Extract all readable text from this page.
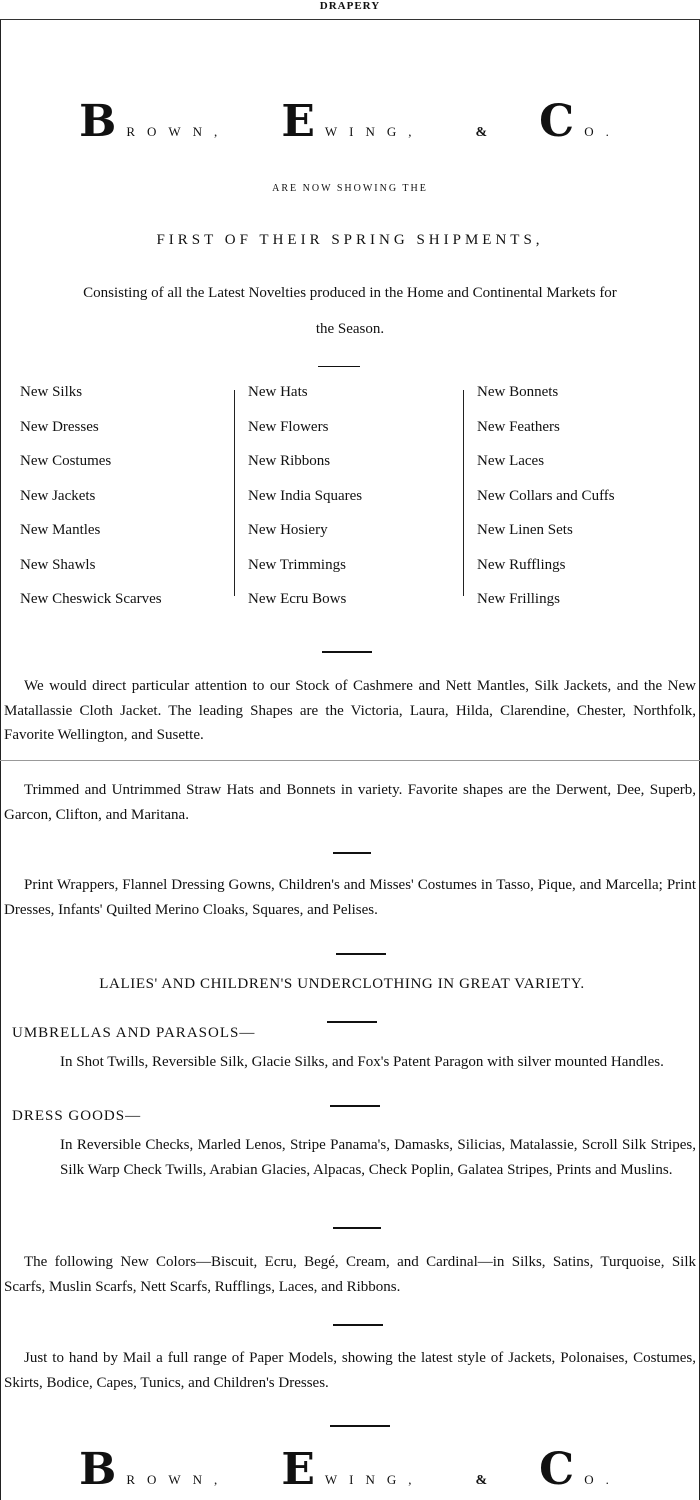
DRAPERY
B ROWN, E WING,	& C O.
ARE NOW SHOWING THE
FIRST OF THEIR SPRING SHIPMENTS,
Consisting of all the Latest Novelties produced in the Home and Continental Markets for
the Season.
New Silks
New Dresses
New Costumes
New Jackets
New Mantles
New Shawls
New Cheswick Scarves
New Hats
New Flowers
New Ribbons
New India Squares
New Hosiery
New Trimmings
New Ecru Bows
New Bonnets
New Feathers
New Laces
New Collars and Cuffs
New Linen Sets
New Rufflings
New Frillings

We would direct particular attention to our Stock of Cashmere and Nett Mantles, Silk Jackets, and the New Matallassie Cloth Jacket. The leading Shapes are the Victoria, Laura, Hilda, Clarendine, Chester, Northfolk, Favorite Wellington, and Susette.

Trimmed and Untrimmed Straw Hats and Bonnets in variety. Favorite shapes are the Derwent, Dee, Superb, Garcon, Clifton, and Maritana.

Print Wrappers, Flannel Dressing Gowns, Children's and Misses' Costumes in Tasso, Pique, and Marcella; Print Dresses, Infants' Quilted Merino Cloaks, Squares, and Pelises.

LALIES' AND CHILDREN'S UNDERCLOTHING IN GREAT VARIETY.
UMBRELLAS AND PARASOLS—
In Shot Twills, Reversible Silk, Glacie Silks, and Fox's Patent Paragon with silver mounted Handles.
DRESS GOODS—
In Reversible Checks, Marled Lenos, Stripe Panama's, Damasks, Silicias, Matalassie, Scroll Silk Stripes, Silk Warp Check Twills, Arabian Glacies, Alpacas, Check Poplin, Galatea Stripes, Prints and Muslins.

The following New Colors—Biscuit, Ecru, Begé, Cream, and Cardinal—in Silks, Satins, Turquoise, Silk Scarfs, Muslin Scarfs, Nett Scarfs, Rufflings, Laces, and Ribbons.

Just to hand by Mail a full range of Paper Models, showing the latest style of Jackets, Polonaises, Costumes, Skirts, Bodice, Capes, Tunics, and Children's Dresses.

B ROWN, E WING,	& C O.
